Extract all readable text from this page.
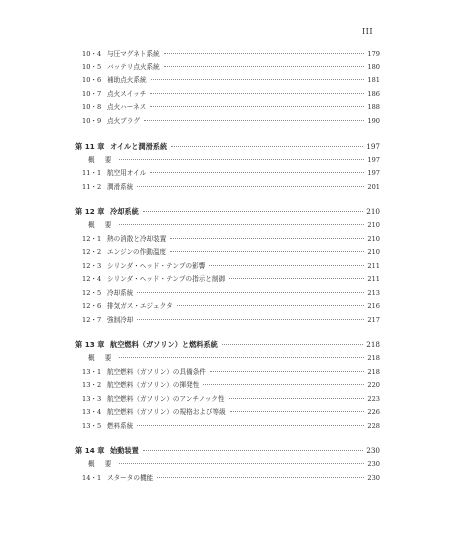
III
10・4 与圧マグネト系統	179
10・5 バッテリ点火系統	180
10・6 補助点火系統	181
10・7 点火スイッチ	186
10・8 点火ハーネス	188
10・9 点火プラグ	190
第 11 章 オイルと潤滑系統	197
概 要	197
11・1 航空用オイル	197
11・2 潤滑系統	201
第 12 章 冷却系統	210
概 要	210
12・1 熱の消散と冷却装置	210
12・2 エンジンの作動温度	210
12・3 シリンダ・ヘッド・テンプの影響	211
12・4 シリンダ・ヘッド・テンプの指示と制御	211
12・5 冷却系統	213
12・6 排気ガス・エジェクタ	216
12・7 強制冷却	217
第 13 章 航空燃料（ガソリン）と燃料系統	218
概 要	218
13・1 航空燃料（ガソリン）の具備条件	218
13・2 航空燃料（ガソリン）の揮発性	220
13・3 航空燃料（ガソリン）のアンチノック性	223
13・4 航空燃料（ガソリン）の規格および等級	226
13・5 燃料系統	228
第 14 章 始動装置	230
概 要	230
14・1 スタータの機能	230
